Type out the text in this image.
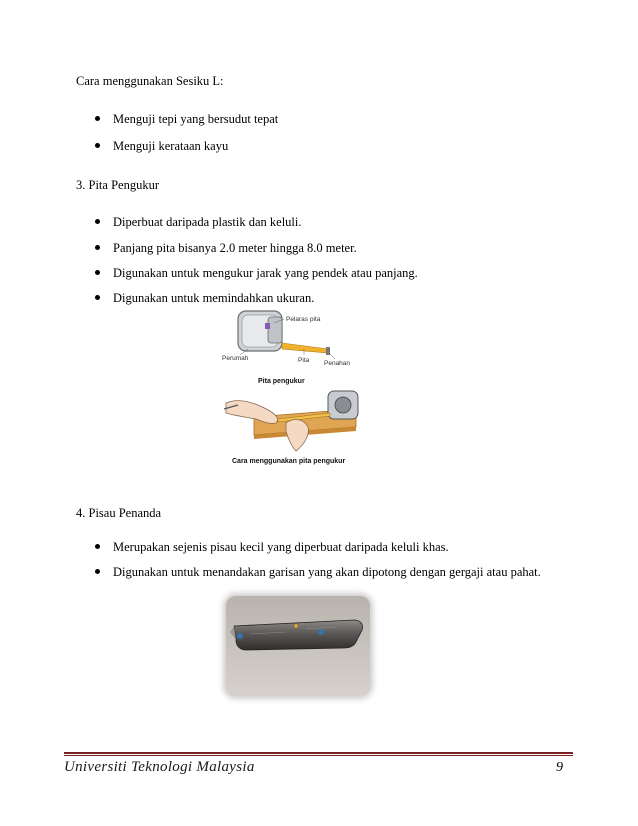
Cara menggunakan Sesiku L:
Menguji tepi yang bersudut tepat
Menguji kerataan kayu
3. Pita Pengukur
Diperbuat daripada plastik dan keluli.
Panjang pita bisanya 2.0 meter hingga 8.0 meter.
Digunakan untuk mengukur jarak yang pendek atau panjang.
Digunakan untuk memindahkan ukuran.
Pelaras pita
Perumah	Pita Penahan
Pita pengukur
Cara menggunakan pita pengukur
4. Pisau Penanda
Merupakan sejenis pisau kecil yang diperbuat daripada keluli khas.
Digunakan untuk menandakan garisan yang akan dipotong dengan gergaji atau pahat.
Universiti Teknologi Malaysia	9
